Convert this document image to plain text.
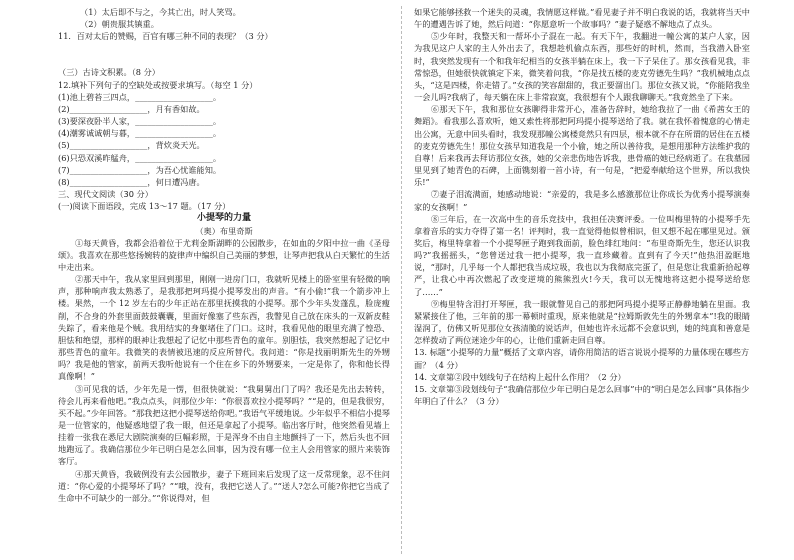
（1）太后即不与之，今其亡出，时人笑骂。

（2）朝贵服其镇重。

11．百对太后的赞赐，百官有哪三种不同的表现？（3 分）

（三）古诗文积累。（8 分）

12.填补下列句子的空缺处或按要求填写。（每空 1 分）

(1)池上碧苔三四点，___________________。

(2)___________________，月有香如故。

(3)要深夜卧半人家，___________________。

(4)潮雾诚诚朝与暮，___________________。

(5)___________________，背炊炎天光。

(6)只恐双溪昨艋舟，___________________。

(7)___________________，为吾心忧谁能知。

(8)___________________，何日遭冯唐。

三、现代文阅读（30 分）

(一)阅读下面语段，完成 13～17 题。（17 分）

小提琴的力量

（奥）布里奇斯

①每天黄昏，我都会沿着位于尤莉金斯湖畔的公园散步，在如血的夕阳中拉一曲《圣母颂》。我喜欢在那些悠扬婉转的旋律声中编织自己美丽的梦想，让琴声把我从白天繁忙的生活中走出来。

②那天中午，我从家里回到那里，刚刚一进房门口，我就听见楼上的卧室里有轻微的响声，那种响声我太熟悉了，是我那把珂玛提小提琴发出的声音。“有小偷!”我一个箭步冲上楼。果然，一个 12 岁左右的少年正站在那里抚摸我的小提琴。那个少年头发蓬乱，脸庞瘦削，不合身的外套里面鼓鼓囊囊，里面好像塞了些东西，我瞥见自己放在床头的一双新皮鞋失踪了，看来他是个贼。我用结实的身躯堵住了门口。这时，我看见他的眼里充满了惶恐、胆怯和绝望，那样的眼神让我想起了记忆中那些青色的童年。别胆怯，我突然想起了记忆中那些青色的童年。我微笑的表情被迅速的反应所替代。我问道：“你是找丽明斯先生的外甥吗？我是他的管家，前两天我听他说有一个住在乡下的外甥要来，一定是你了，你和他长得真像啊！”

③可见我的话，少年先是一愣，但很快就说：“我舅舅出门了吗？我还是先出去转转，待会儿再来看他吧。”我点点头，问那位少年：“你很喜欢拉小提琴吗？”“是的，但是我很穷，买不起。”少年回答。“那我把这把小提琴送给你吧。”我语气平缓地说。少年似乎不相信小提琴是一位管家的，他疑惑地望了我一眼，但还是拿起了小提琴。临出客厅时，他突然看见墙上挂着一张我在悉尼大剧院演奏的巨幅彩照，于是浑身不由自主地颤抖了一下，然后头也不回地跑远了。我确信那位少年已明白是怎么回事，因为没有哪一位主人会用管家的照片来装饰客厅。

④那天黄昏，我破例没有去公园散步，妻子下班回来后发现了这一反常现象，忍不住问道：“你心爱的小提琴坏了吗？”“哦，没有，我把它送人了。”“送人?怎么可能?你把它当成了生命中不可缺少的一部分。”“你说得对，但

如果它能够拯救一个迷失的灵魂，我情愿这样做。”看见妻子并不明白我说的话，我就将当天中午的遭遇告诉了她，然后问道：“你愿意听一个故事吗？”妻子疑惑不解地点了点头。

⑤少年时，我整天和一帮坏小子混在一起。有天下午，我翻进一幢公寓的某户人家，因为我见这户人家的主人外出去了，我想趁机偷点东西，那些好的时机，然而，当我潜入卧室时，我突然发现有一个和我年纪相当的女孩半躺在床上，我一下子呆住了。那女孩看见我，非常惊恐，但她很快就镇定下来，微笑着问我，“你是找五楼的麦克劳德先生吗？”我机械地点点头，“这是四楼，你走错了。”女孩的笑容甜甜的，我正要溜出门。那位女孩又说，“你能陪我坐一会儿吗?我病了，每天躺在床上非常寂寞，我很想有个人跟我聊聊天。”我竟然坐了下来。

⑥那天下午，我和那位女孩聊得非常开心，准备告辞时，她给我拉了一曲《希茜女王的舞蹈》。看我那么喜欢听，她又索性将那把阿玛提小提琴送给了我。就在我怀着愧意的心情走出公寓，无意中回头看时，我发现那幢公寓楼竟然只有四层，根本就不存在所谓的居住在五楼的麦克劳德先生！那位女孩早知道我是一个小偷，她之所以善待我，是想用那种方法维护我的自尊！后来我再去拜访那位女孩，她的父亲悲伤地告诉我，患骨癌的她已经病逝了。在我墓园里见到了她青色的石碑，上面镌刻着一首小诗，有一句是，“把爱奉献给这个世界，所以我快乐!”

⑦妻子泪流满面，她感动地说：“亲爱的，我是多么感激那位让你成长为优秀小提琴演奏家的女孩啊！”

⑧三年后，在一次高中生的音乐竞技中，我担任决赛评委。一位叫梅里特的小提琴手先拿着音乐的实力夺得了第一名！评判时，我一直觉得他似曾相识，但又想不起在哪里见过。颁奖后，梅里特拿着一个小提琴匣子跑到我面前，脸色绯红地问：“布里奇斯先生，您还认识我吗?”我摇摇头，“您曾送过我一把小提琴，我一直珍藏着。直到有了今天!”他热泪盈眶地说，“那时，几乎每一个人都把我当成垃圾，我也以为我彻底完蛋了，但是您让我重新拾起尊严，让我心中再次燃起了改变逆境的熊熊烈火!今天，我可以无愧地将这把小提琴送给您了……”

⑨梅里特含泪打开琴匣，我一眼就瞥见自己的那把阿玛提小提琴正静静地躺在里面。我紧紧接住了他，三年前的那一幕顿时重现，原来他就是“拉姆斯敦先生的外甥拿本”!我的眼睛湿润了，仿佛又听见那位女孩清脆的说话声，但她也许永远都不会意识到，她的纯真和善意是怎样拨动了两位迷途少年的心，让他们重新走回自尊。

13. 标题“小提琴的力量”概括了文章内容，请你用简洁的语言说说小提琴的力量体现在哪些方面？（4 分）

14. 文章第②段中划线句子在结构上起什么作用？（2 分）

15. 文章第③段划线句子“我确信那位少年已明白是怎么回事”中的“明白是怎么回事”具体指少年明白了什么？（3 分）
